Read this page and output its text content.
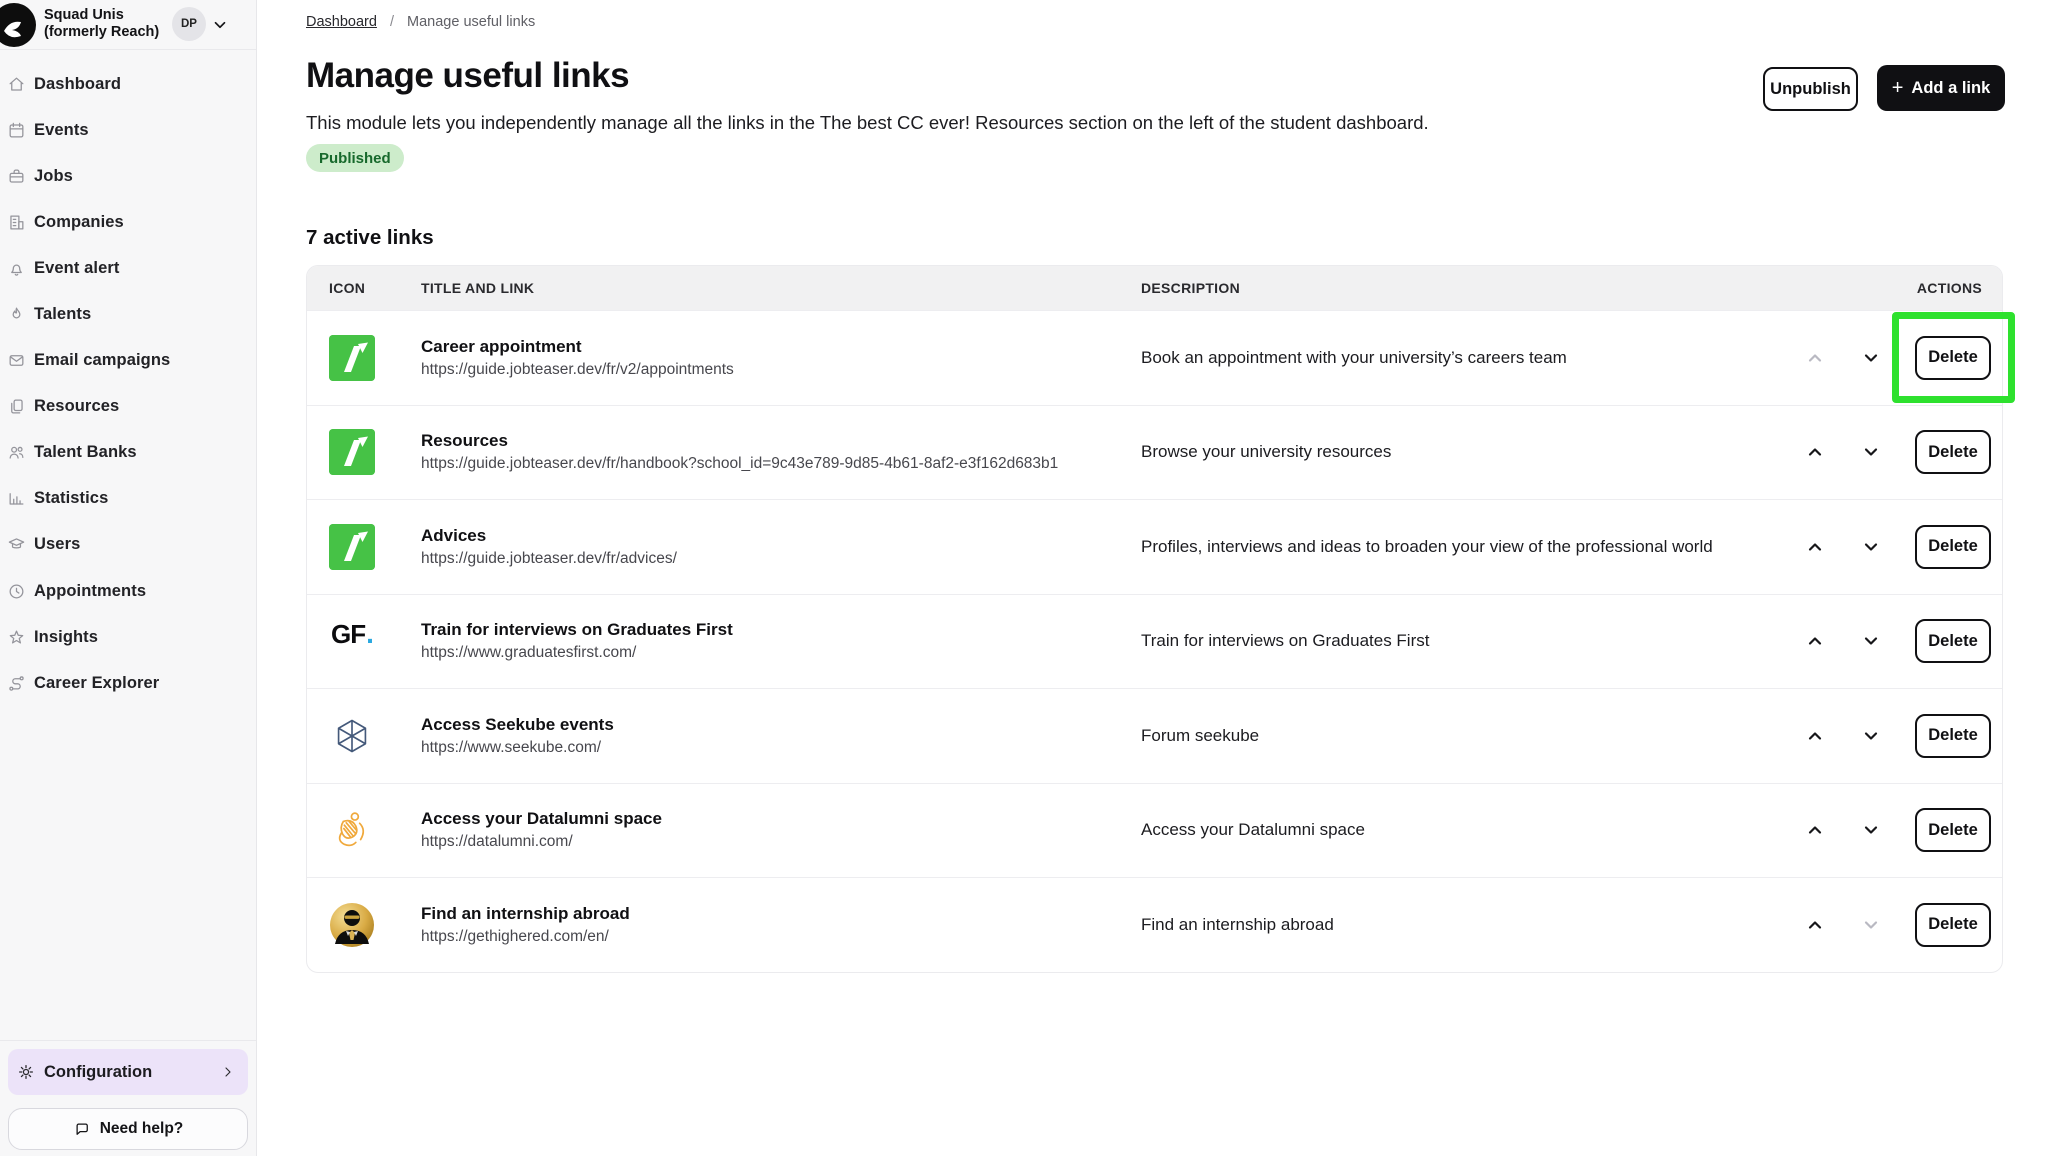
Squad Unis
(formerly Reach)	DP
Dashboard
Events
Jobs
Companies
Event alert
Talents
Email campaigns
Resources
Talent Banks
Statistics
Users
Appointments
Insights
Career Explorer
Configuration
Need help?
Dashboard / Manage useful links
Manage useful links

This module lets you independently manage all the links in the The best CC ever! Resources section on the left of the student dashboard.

Published
Unpublish	+ Add a link
7 active links
ICON	TITLE AND LINK	DESCRIPTION	ACTIONS
Career appointment
https://guide.jobteaser.dev/fr/v2/appointments
Book an appointment with your university’s careers team	Delete
Resources
https://guide.jobteaser.dev/fr/handbook?school_id=9c43e789-9d85-4b61-8af2-e3f162d683b1
Browse your university resources	Delete
Advices
https://guide.jobteaser.dev/fr/advices/
Profiles, interviews and ideas to broaden your view of the professional world	Delete
GF .	Train for interviews on Graduates First
https://www.graduatesfirst.com/
Train for interviews on Graduates First	Delete
Access Seekube events
https://www.seekube.com/
Forum seekube	Delete
Access your Datalumni space
https://datalumni.com/
Access your Datalumni space	Delete
Find an internship abroad
https://gethighered.com/en/
Find an internship abroad	Delete
